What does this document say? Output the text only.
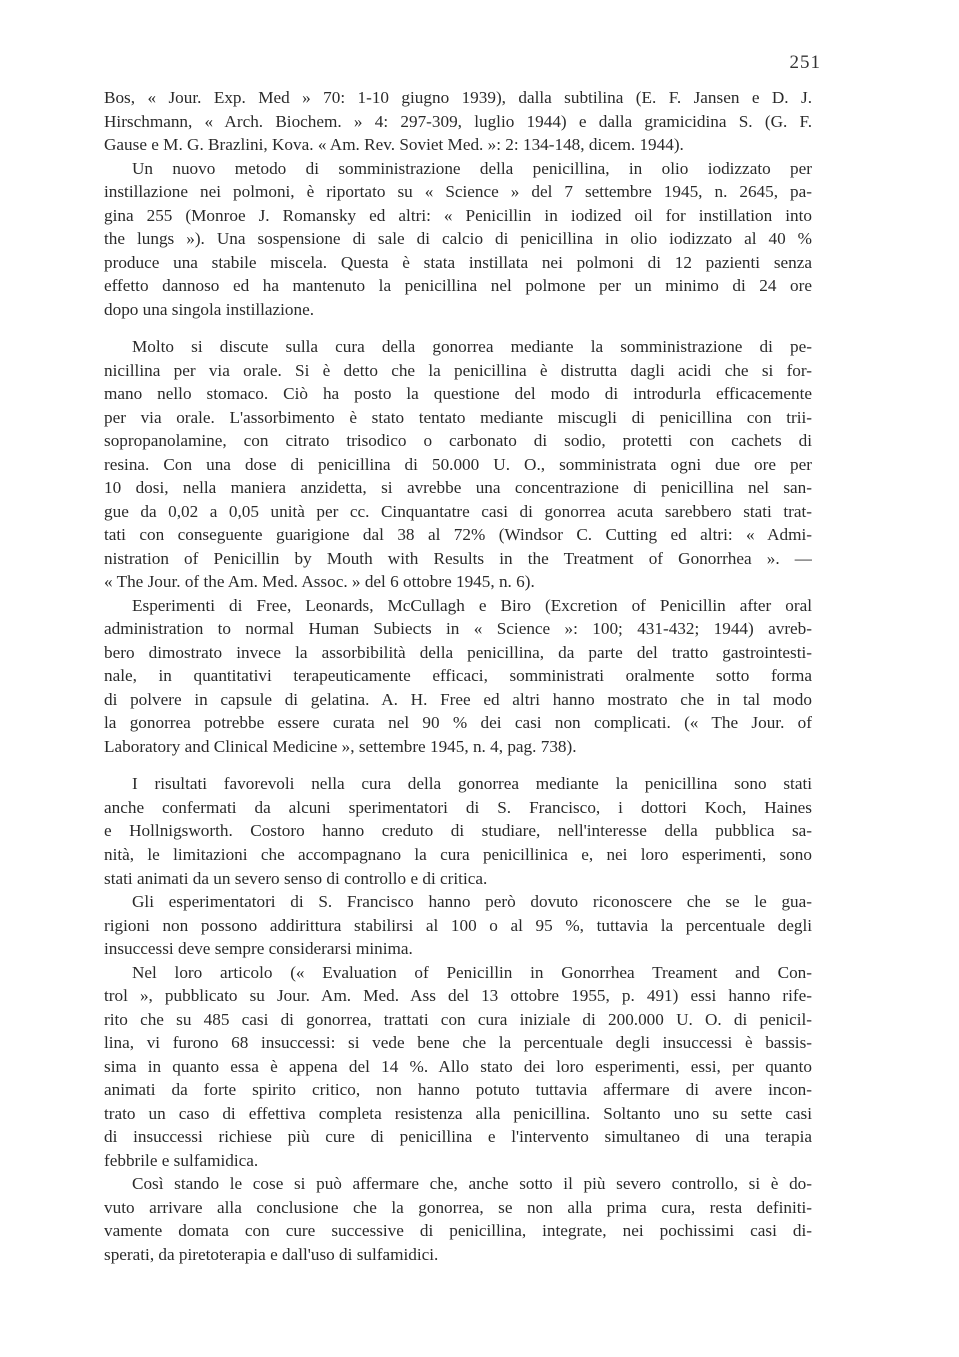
251
Bos, « Jour. Exp. Med » 70: 1-10 giugno 1939), dalla subtilina (E. F. Jansen e D. J.
Hirschmann, « Arch. Biochem. » 4: 297-309, luglio 1944) e dalla gramicidina S. (G. F.
Gause e M. G. Brazlini, Kova. « Am. Rev. Soviet Med. »: 2: 134-148, dicem. 1944).
Un nuovo metodo di somministrazione della penicillina, in olio iodizzato per
instillazione nei polmoni, è riportato su « Science » del 7 settembre 1945, n. 2645, pa-
gina 255 (Monroe J. Romansky ed altri: « Penicillin in iodized oil for instillation into
the lungs »). Una sospensione di sale di calcio di penicillina in olio iodizzato al 40 %
produce una stabile miscela. Questa è stata instillata nei polmoni di 12 pazienti senza
effetto dannoso ed ha mantenuto la penicillina nel polmone per un minimo di 24 ore
dopo una singola instillazione.
Molto si discute sulla cura della gonorrea mediante la somministrazione di pe-
nicillina per via orale. Si è detto che la penicillina è distrutta dagli acidi che si for-
mano nello stomaco. Ciò ha posto la questione del modo di introdurla efficacemente
per via orale. L'assorbimento è stato tentato mediante miscugli di penicillina con trii-
sopropanolamine, con citrato trisodico o carbonato di sodio, protetti con cachets di
resina. Con una dose di penicillina di 50.000 U. O., somministrata ogni due ore per
10 dosi, nella maniera anzidetta, si avrebbe una concentrazione di penicillina nel san-
gue da 0,02 a 0,05 unità per cc. Cinquantatre casi di gonorrea acuta sarebbero stati trat-
tati con conseguente guarigione dal 38 al 72% (Windsor C. Cutting ed altri: « Admi-
nistration of Penicillin by Mouth with Results in the Treatment of Gonorrhea ». —
« The Jour. of the Am. Med. Assoc. » del 6 ottobre 1945, n. 6).
Esperimenti di Free, Leonards, McCullagh e Biro (Excretion of Penicillin after oral
administration to normal Human Subiects in « Science »: 100; 431-432; 1944) avreb-
bero dimostrato invece la assorbibilità della penicillina, da parte del tratto gastrointesti-
nale, in quantitativi terapeuticamente efficaci, somministrati oralmente sotto forma
di polvere in capsule di gelatina. A. H. Free ed altri hanno mostrato che in tal modo
la gonorrea potrebbe essere curata nel 90 % dei casi non complicati. (« The Jour. of
Laboratory and Clinical Medicine », settembre 1945, n. 4, pag. 738).
I risultati favorevoli nella cura della gonorrea mediante la penicillina sono stati
anche confermati da alcuni sperimentatori di S. Francisco, i dottori Koch, Haines
e Hollnigsworth. Costoro hanno creduto di studiare, nell'interesse della pubblica sa-
nità, le limitazioni che accompagnano la cura penicillinica e, nei loro esperimenti, sono
stati animati da un severo senso di controllo e di critica.
Gli esperimentatori di S. Francisco hanno però dovuto riconoscere che se le gua-
rigioni non possono addirittura stabilirsi al 100 o al 95 %, tuttavia la percentuale degli
insuccessi deve sempre considerarsi minima.
Nel loro articolo (« Evaluation of Penicillin in Gonorrhea Treament and Con-
trol », pubblicato su Jour. Am. Med. Ass del 13 ottobre 1955, p. 491) essi hanno rife-
rito che su 485 casi di gonorrea, trattati con cura iniziale di 200.000 U. O. di penicil-
lina, vi furono 68 insuccessi: si vede bene che la percentuale degli insuccessi è bassis-
sima in quanto essa è appena del 14 %. Allo stato dei loro esperimenti, essi, per quanto
animati da forte spirito critico, non hanno potuto tuttavia affermare di avere incon-
trato un caso di effettiva completa resistenza alla penicillina. Soltanto uno su sette casi
di insuccessi richiese più cure di penicillina e l'intervento simultaneo di una terapia
febbrile e sulfamidica.
Così stando le cose si può affermare che, anche sotto il più severo controllo, si è do-
vuto arrivare alla conclusione che la gonorrea, se non alla prima cura, resta definiti-
vamente domata con cure successive di penicillina, integrate, nei pochissimi casi di-
sperati, da piretoterapia e dall'uso di sulfamidici.
